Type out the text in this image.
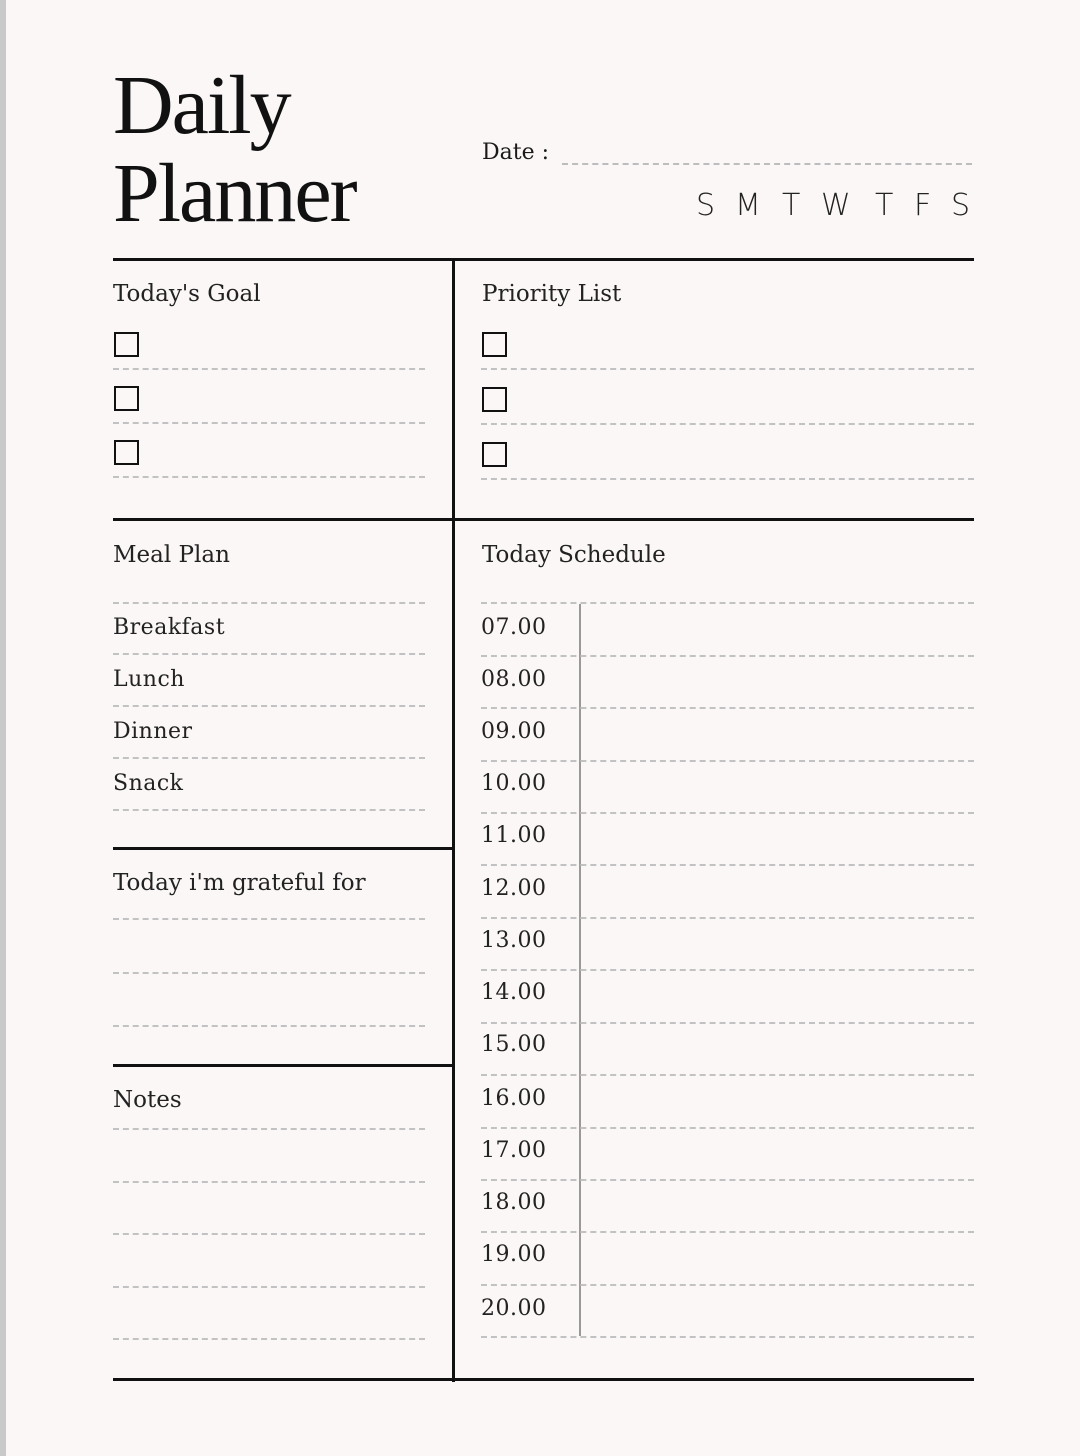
Daily
Planner	Date :
S M T W T F S
Today's Goal	Priority List
Meal Plan
Breakfast
Lunch
Dinner
Snack
Today i'm grateful for
Notes
Today Schedule
07.00
08.00
09.00
10.00
11.00
12.00
13.00
14.00
15.00
16.00
17.00
18.00
19.00
20.00
